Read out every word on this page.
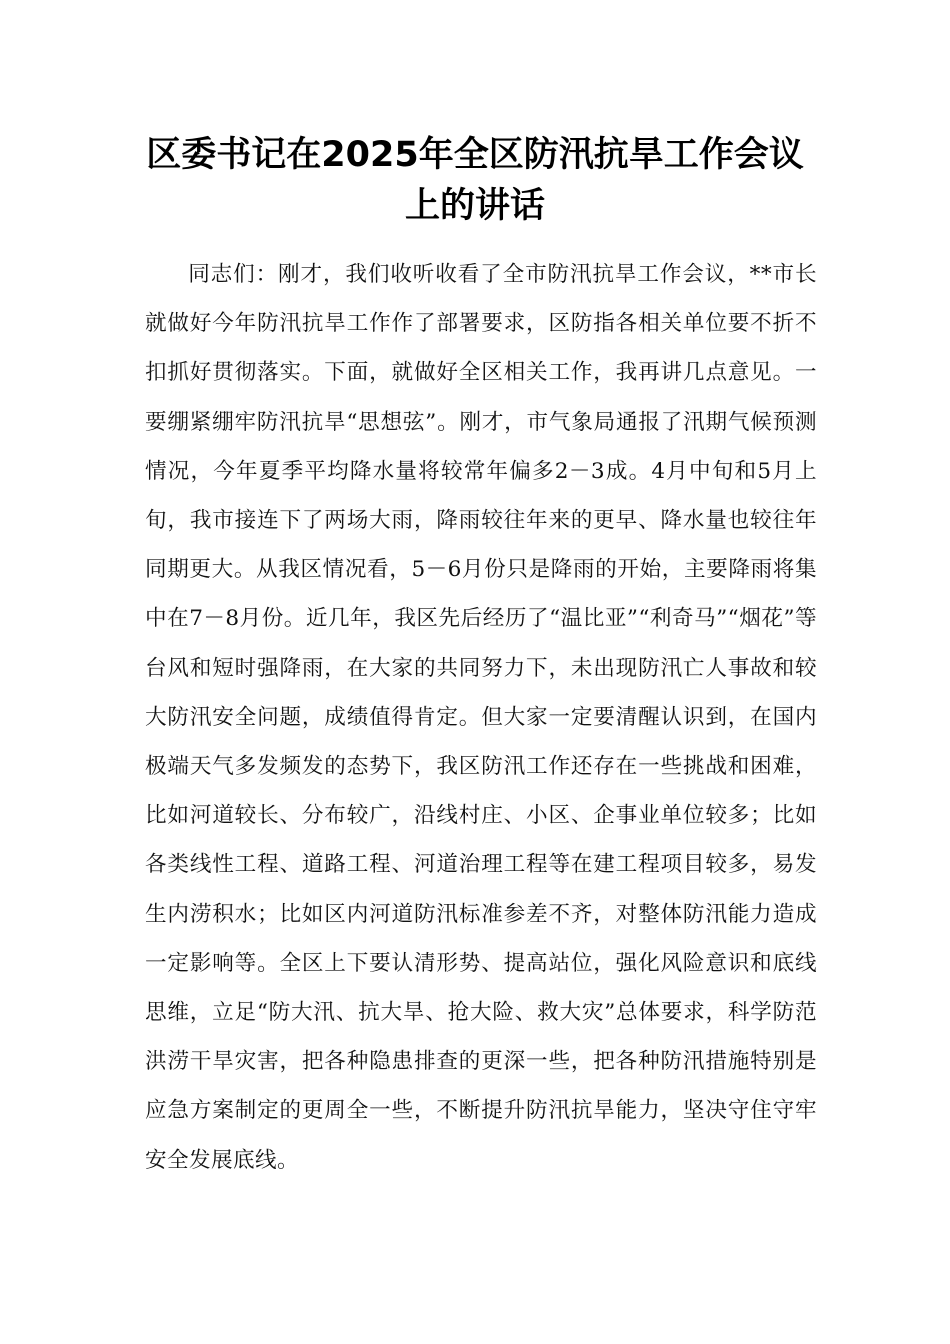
区委书记在2025年全区防汛抗旱工作会议上的讲话

同志们：刚才，我们收听收看了全市防汛抗旱工作会议，**市长就做好今年防汛抗旱工作作了部署要求，区防指各相关单位要不折不扣抓好贯彻落实。下面，就做好全区相关工作，我再讲几点意见。一要绷紧绷牢防汛抗旱“思想弦”。刚才，市气象局通报了汛期气候预测情况，今年夏季平均降水量将较常年偏多2－3成。4月中旬和5月上旬，我市接连下了两场大雨，降雨较往年来的更早、降水量也较往年同期更大。从我区情况看，5－6月份只是降雨的开始，主要降雨将集中在7－8月份。近几年，我区先后经历了“温比亚”“利奇马”“烟花”等台风和短时强降雨，在大家的共同努力下，未出现防汛亡人事故和较大防汛安全问题，成绩值得肯定。但大家一定要清醒认识到，在国内极端天气多发频发的态势下，我区防汛工作还存在一些挑战和困难，比如河道较长、分布较广，沿线村庄、小区、企事业单位较多；比如各类线性工程、道路工程、河道治理工程等在建工程项目较多，易发生内涝积水；比如区内河道防汛标准参差不齐，对整体防汛能力造成一定影响等。全区上下要认清形势、提高站位，强化风险意识和底线思维，立足“防大汛、抗大旱、抢大险、救大灾”总体要求，科学防范洪涝干旱灾害，把各种隐患排查的更深一些，把各种防汛措施特别是应急方案制定的更周全一些，不断提升防汛抗旱能力，坚决守住守牢安全发展底线。
